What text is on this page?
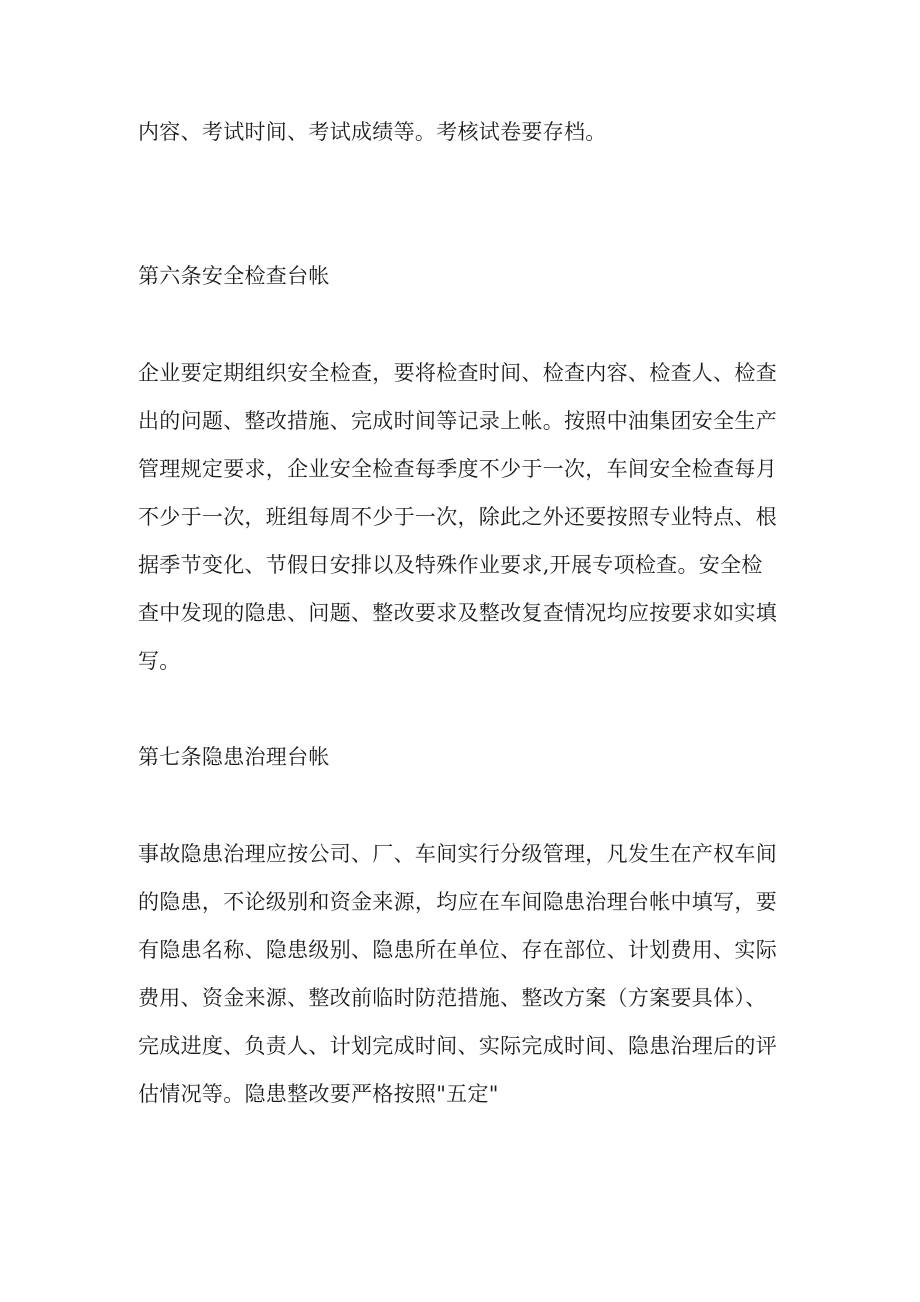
内容、考试时间、考试成绩等。考核试卷要存档。
第六条安全检查台帐
企业要定期组织安全检查，要将检查时间、检查内容、检查人、检查
出的问题、整改措施、完成时间等记录上帐。按照中油集团安全生产
管理规定要求，企业安全检查每季度不少于一次，车间安全检查每月
不少于一次，班组每周不少于一次，除此之外还要按照专业特点、根
据季节变化、节假日安排以及特殊作业要求,开展专项检查。安全检
查中发现的隐患、问题、整改要求及整改复查情况均应按要求如实填
写。
第七条隐患治理台帐
事故隐患治理应按公司、厂、车间实行分级管理，凡发生在产权车间
的隐患，不论级别和资金来源，均应在车间隐患治理台帐中填写，要
有隐患名称、隐患级别、隐患所在单位、存在部位、计划费用、实际
费用、资金来源、整改前临时防范措施、整改方案（方案要具体）、
完成进度、负责人、计划完成时间、实际完成时间、隐患治理后的评
估情况等。隐患整改要严格按照"五定"
